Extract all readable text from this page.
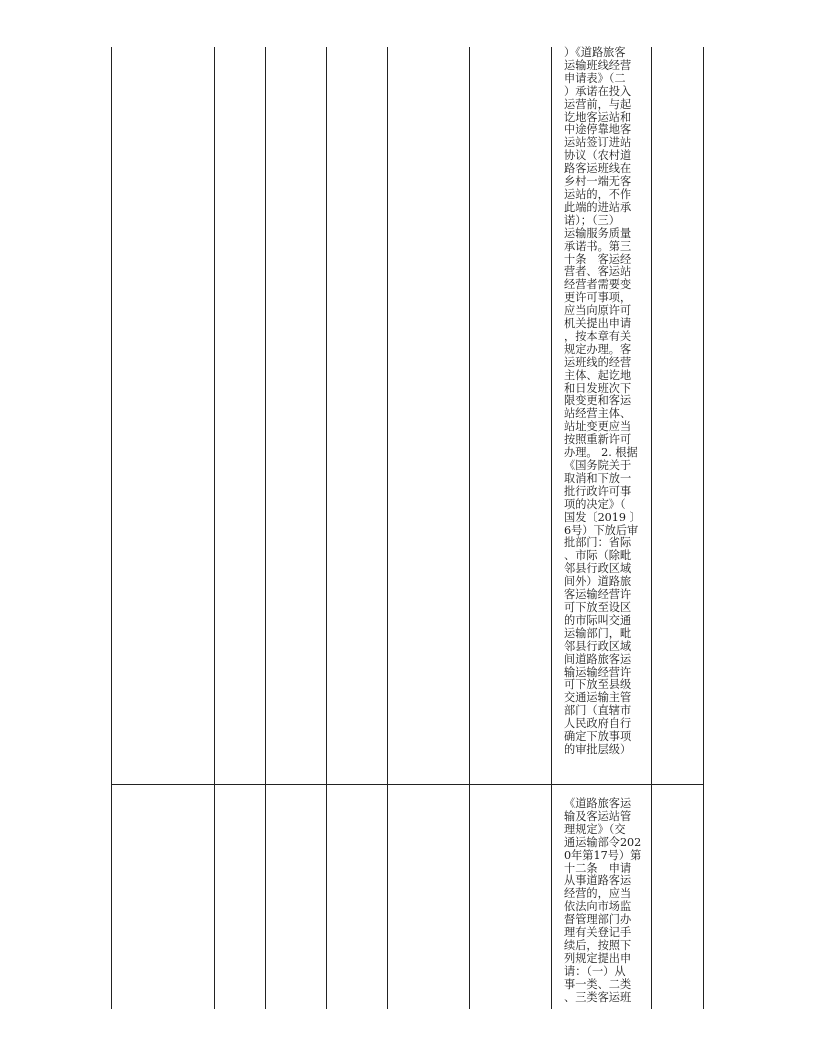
）《道路旅客
运输班线经营
申请表》（二
）承诺在投入
运营前，与起
讫地客运站和
中途停靠地客
运站签订进站
协议（农村道
路客运班线在
乡村一端无客
运站的，不作
此端的进站承
诺）；（三）
运输服务质量
承诺书。第三
十条　客运经
营者、客运站
经营者需要变
更许可事项，
应当向原许可
机关提出申请
，按本章有关
规定办理。客
运班线的经营
主体、起讫地
和日发班次下
限变更和客运
站经营主体、
站址变更应当
按照重新许可
办理。 2. 根据
《国务院关于
取消和下放一
批行政许可事
项的决定》（
国发〔2019 〕
6号）下放后审
批部门：省际
、市际（除毗
邻县行政区域
间外）道路旅
客运输经营许
可下放至设区
的市际叫交通
运输部门，毗
邻县行政区域
间道路旅客运
输运输经营许
可下放至县级
交通运输主管
部门（直辖市
人民政府自行
确定下放事项
的审批层级）
《道路旅客运
输及客运站管
理规定》（交
通运输部令202
0年第17号）第
十二条　申请
从事道路客运
经营的，应当
依法向市场监
督管理部门办
理有关登记手
续后，按照下
列规定提出申
请：（一）从
事一类、二类
、三类客运班
